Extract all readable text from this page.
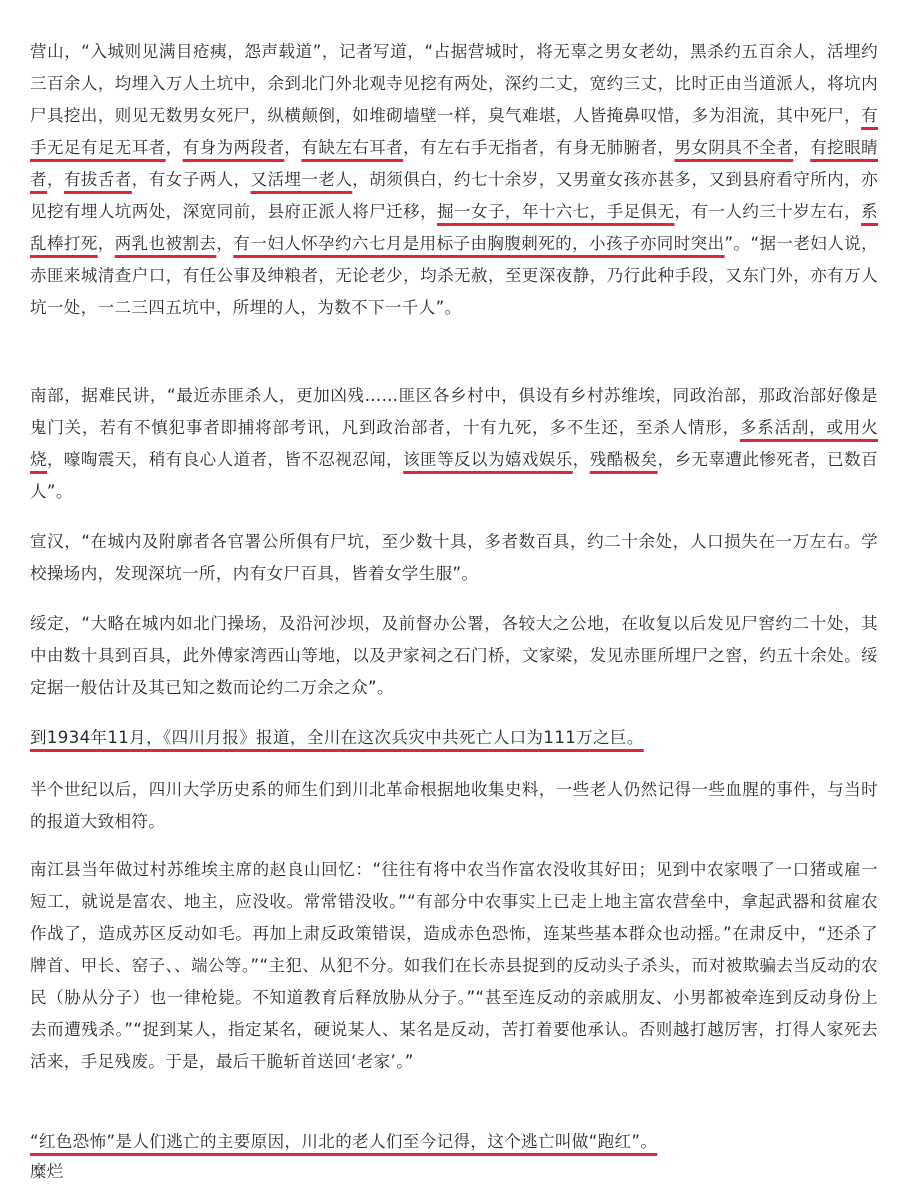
营山，“入城则见满目疮痍，怨声载道”，记者写道，“占据营城时，将无辜之男女老幼，黑杀约五百余人，活埋约三百余人，均埋入万人土坑中，余到北门外北观寺见挖有两处，深约二丈，宽约三丈，比时正由当道派人，将坑内尸具挖出，则见无数男女死尸，纵横颠倒，如堆砌墙壁一样，臭气难堪，人皆掩鼻叹惜，多为泪流，其中死尸，有手无足有足无耳者，有身为两段者，有缺左右耳者，有左右手无指者，有身无肺腑者，男女阴具不全者，有挖眼睛者，有拔舌者，有女子两人，又活埋一老人，胡须俱白，约七十余岁，又男童女孩亦甚多，又到县府看守所内，亦见挖有埋人坑两处，深宽同前，县府正派人将尸迁移，掘一女子，年十六七，手足俱无，有一人约三十岁左右，系乱棒打死，两乳也被割去，有一妇人怀孕约六七月是用标子由胸腹刺死的，小孩子亦同时突出”。“据一老妇人说，赤匪来城清查户口，有任公事及绅粮者，无论老少，均杀无赦，至更深夜静，乃行此种手段，又东门外，亦有万人坑一处，一二三四五坑中，所埋的人，为数不下一千人”。

南部，据难民讲，“最近赤匪杀人，更加凶残……匪区各乡村中，俱设有乡村苏维埃，同政治部，那政治部好像是鬼门关，若有不慎犯事者即捕将部考讯，凡到政治部者，十有九死，多不生还，至杀人情形，多系活刮，或用火烧，嚎啕震天，稍有良心人道者，皆不忍视忍闻，该匪等反以为嬉戏娱乐，残酷极矣，乡无辜遭此惨死者，已数百人”。

宣汉，“在城内及附廓者各官署公所俱有尸坑，至少数十具，多者数百具，约二十余处，人口损失在一万左右。学校操场内，发现深坑一所，内有女尸百具，皆着女学生服”。

绥定，“大略在城内如北门操场，及沿河沙坝，及前督办公署，各较大之公地，在收复以后发见尸窖约二十处，其中由数十具到百具，此外傅家湾西山等地，以及尹家祠之石门桥，文家梁，发见赤匪所埋尸之窖，约五十余处。绥定据一般估计及其已知之数而论约二万余之众”。

到1934年11月，《四川月报》报道，全川在这次兵灾中共死亡人口为111万之巨。

半个世纪以后，四川大学历史系的师生们到川北革命根据地收集史料，一些老人仍然记得一些血腥的事件，与当时的报道大致相符。

南江县当年做过村苏维埃主席的赵良山回忆：“往往有将中农当作富农没收其好田；见到中农家喂了一口猪或雇一短工，就说是富农、地主，应没收。常常错没收。”“有部分中农事实上已走上地主富农营垒中，拿起武器和贫雇农作战了，造成苏区反动如毛。再加上肃反政策错误，造成赤色恐怖，连某些基本群众也动摇。”在肃反中，“还杀了牌首、甲长、窑子、、端公等。”“主犯、从犯不分。如我们在长赤县捉到的反动头子杀头，而对被欺骗去当反动的农民（胁从分子）也一律枪毙。不知道教育后释放胁从分子。”“甚至连反动的亲戚朋友、小男都被牵连到反动身份上去而遭残杀。”“捉到某人，指定某名，硬说某人、某名是反动，苦打着要他承认。否则越打越厉害，打得人家死去活来，手足残废。于是，最后干脆斩首送回‘老家’。”

“红色恐怖”是人们逃亡的主要原因，川北的老人们至今记得，这个逃亡叫做“跑红”。

糜烂
